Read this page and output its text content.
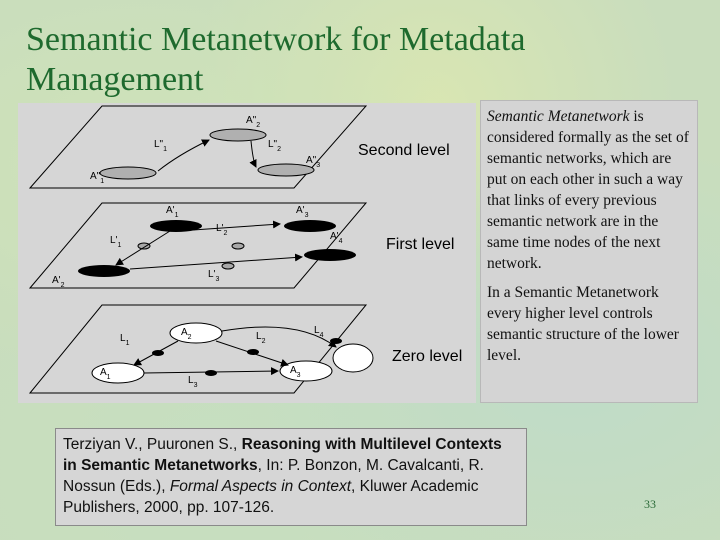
Semantic Metanetwork for Metadata Management
$A"_2$
$A"_1$
$A"_3$
$L"_1$	$L"_2$	Second level
$A'_1$	$A'_3$
$A'_2$
$A'_4$
$L'_1$
$L'_2$
$L'_3$
First level
$A_2$
$A_1$
$A_3$
$L_1$
$L_2$
$L_3$
$L_4$
Zero level

Semantic Metanetwork is considered formally as the set of semantic networks, which are put on each other in such a way that links of every previous semantic network are in the same time nodes of the next network.

In a Semantic Metanetwork every higher level controls semantic structure of the lower level.

Terziyan V., Puuronen S., Reasoning with Multilevel Contexts in Semantic Metanetworks, In: P. Bonzon, M. Cavalcanti, R. Nossun (Eds.), Formal Aspects in Context, Kluwer Academic Publishers, 2000, pp. 107-126.	33
